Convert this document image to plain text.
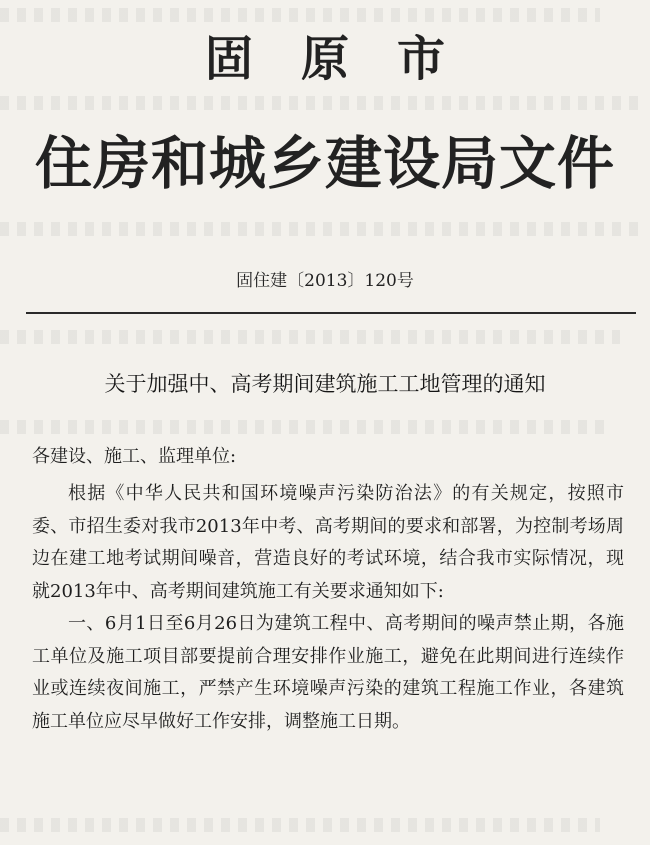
固原市
住房和城乡建设局文件
固住建〔2013〕120号
关于加强中、高考期间建筑施工工地管理的通知
各建设、施工、监理单位:

根据《中华人民共和国环境噪声污染防治法》的有关规定，按照市委、市招生委对我市2013年中考、高考期间的要求和部署，为控制考场周边在建工地考试期间噪音，营造良好的考试环境，结合我市实际情况，现就2013年中、高考期间建筑施工有关要求通知如下:

一、6月1日至6月26日为建筑工程中、高考期间的噪声禁止期，各施工单位及施工项目部要提前合理安排作业施工，避免在此期间进行连续作业或连续夜间施工，严禁产生环境噪声污染的建筑工程施工作业，各建筑施工单位应尽早做好工作安排，调整施工日期。
